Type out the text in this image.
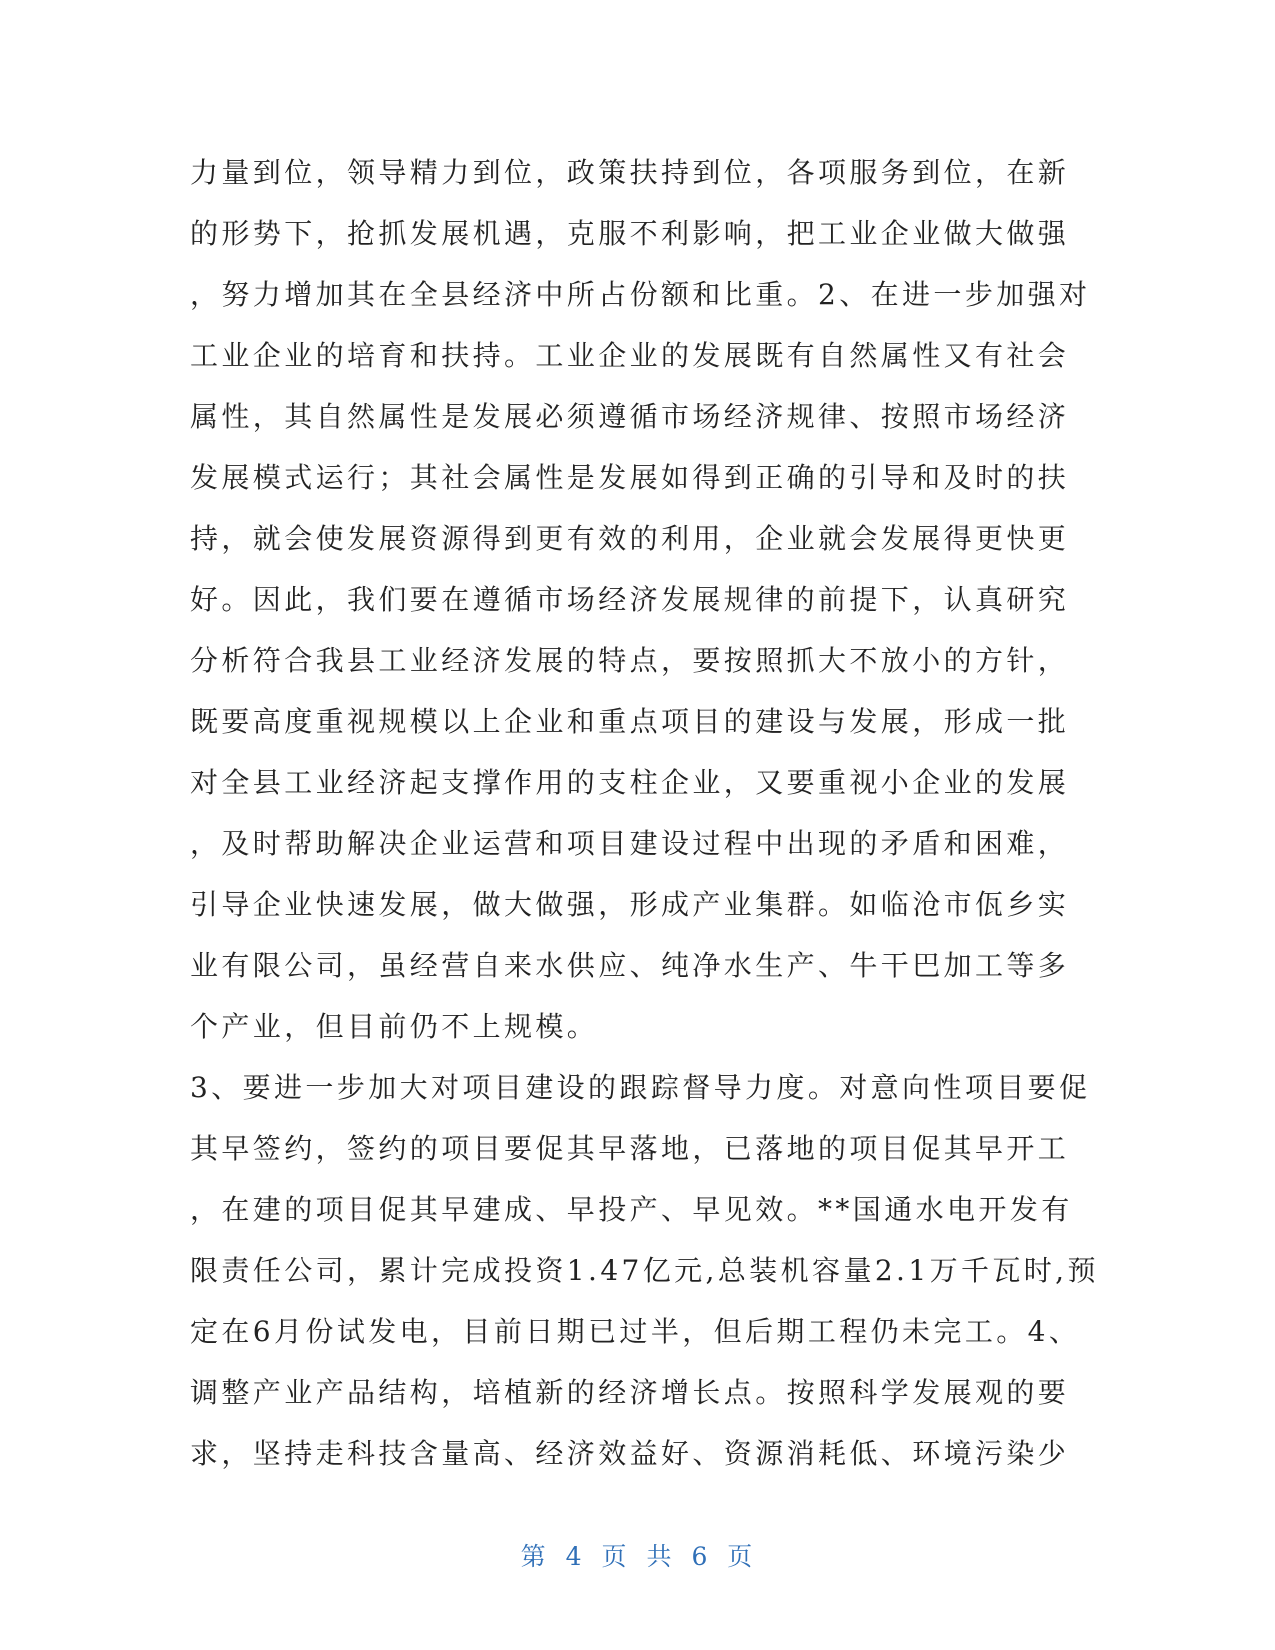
力量到位，领导精力到位，政策扶持到位，各项服务到位，在新
的形势下，抢抓发展机遇，克服不利影响，把工业企业做大做强
，努力增加其在全县经济中所占份额和比重。2、在进一步加强对
工业企业的培育和扶持。工业企业的发展既有自然属性又有社会
属性，其自然属性是发展必须遵循市场经济规律、按照市场经济
发展模式运行；其社会属性是发展如得到正确的引导和及时的扶
持，就会使发展资源得到更有效的利用，企业就会发展得更快更
好。因此，我们要在遵循市场经济发展规律的前提下，认真研究
分析符合我县工业经济发展的特点，要按照抓大不放小的方针，
既要高度重视规模以上企业和重点项目的建设与发展，形成一批
对全县工业经济起支撑作用的支柱企业，又要重视小企业的发展
，及时帮助解决企业运营和项目建设过程中出现的矛盾和困难，
引导企业快速发展，做大做强，形成产业集群。如临沧市佤乡实
业有限公司，虽经营自来水供应、纯净水生产、牛干巴加工等多
个产业，但目前仍不上规模。
3、要进一步加大对项目建设的跟踪督导力度。对意向性项目要促
其早签约，签约的项目要促其早落地，已落地的项目促其早开工
，在建的项目促其早建成、早投产、早见效。**国通水电开发有
限责任公司，累计完成投资1.47亿元,总装机容量2.1万千瓦时,预
定在6月份试发电，目前日期已过半，但后期工程仍未完工。4、
调整产业产品结构，培植新的经济增长点。按照科学发展观的要
求，坚持走科技含量高、经济效益好、资源消耗低、环境污染少
第 4 页 共 6 页
